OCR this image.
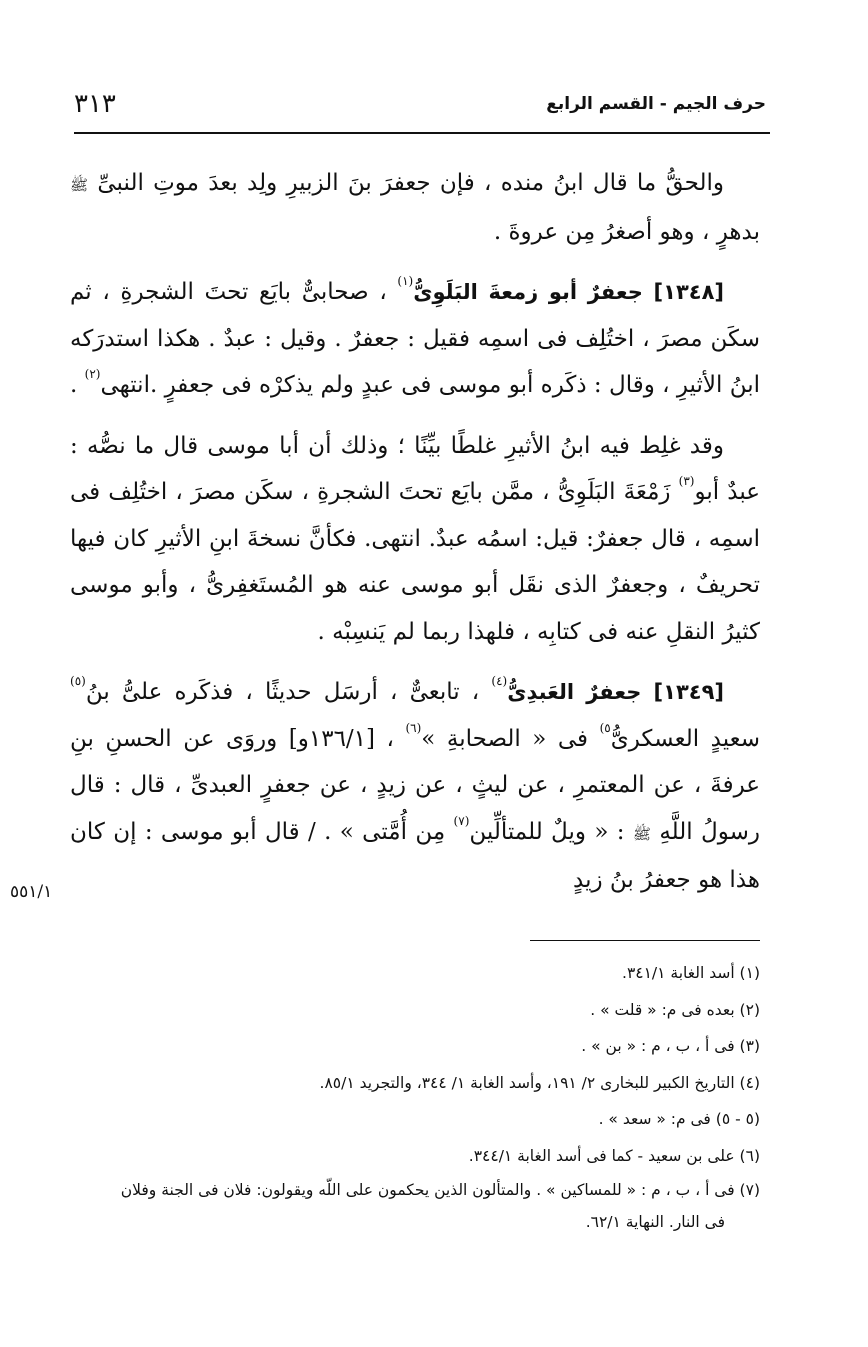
حرف الجيم - القسم الرابع
٣١٣

والحقُّ ما قال ابنُ منده ، فإن جعفرَ بنَ الزبيرِ ولِد بعدَ موتِ النبىِّ ﷺ بدهرٍ ، وهو أصغرُ مِن عروةَ .

[١٣٤٨] جعفرٌ أبو زمعةَ البَلَوِىُّ$^{(١)}$ ، صحابىٌّ بايَع تحتَ الشجرةِ ، ثم سكَن مصرَ ، اختُلِف فى اسمِه فقيل : جعفرٌ . وقيل : عبدٌ . هكذا استدرَكه ابنُ الأثيرِ ، وقال : ذكَره أبو موسى فى عبدٍ ولم يذكرْه فى جعفرٍ .انتهى$^{(٢)}$ .

وقد غلِط فيه ابنُ الأثيرِ غلطًا بيِّنًا ؛ وذلك أن أبا موسى قال ما نصُّه : عبدٌ أبو$^{(٣)}$ زَمْعَةَ البَلَوِىُّ ، ممَّن بايَع تحتَ الشجرةِ ، سكَن مصرَ ، اختُلِف فى اسمِه ، قال جعفرٌ: قيل: اسمُه عبدٌ. انتهى. فكأنَّ نسخةَ ابنِ الأثيرِ كان فيها تحريفٌ ، وجعفرٌ الذى نقَل أبو موسى عنه هو المُستَغفِرىُّ ، وأبو موسى كثيرُ النقلِ عنه فى كتابِه ، فلهذا ربما لم يَنسِبْه .

[١٣٤٩] جعفرٌ العَبدِىُّ$^{(٤)}$ ، تابعىٌّ ، أرسَل حديثًا ، فذكَره علىُّ بنُ$^{(٥)}$ سعيدٍ العسكرىُّ$^{٥)}$ فى « الصحابةِ »$^{(٦)}$ ، [١٣٦/١و] وروَى عن الحسنِ بنِ عرفةَ ، عن المعتمرِ ، عن ليثٍ ، عن زيدٍ ، عن جعفرٍ العبدىِّ ، قال : قال رسولُ اللَّهِ ﷺ : « ويلٌ للمتألِّين$^{(٧)}$ مِن أُمَّتى » . / قال أبو موسى : إن كان هذا هو جعفرُ بنُ زيدٍ

٥٥١/١

(١) أسد الغابة ٣٤١/١.

(٢) بعده فى م: « قلت » .

(٣) فى أ ، ب ، م : « بن » .

(٤) التاريخ الكبير للبخارى ٢/ ١٩١، وأسد الغابة ١/ ٣٤٤، والتجريد ٨٥/١.

(٥ - ٥) فى م: « سعد » .

(٦) على بن سعيد - كما فى أسد الغابة ٣٤٤/١.

(٧) فى أ ، ب ، م : « للمساكين » . والمتألون الذين يحكمون على اللّه ويقولون: فلان فى الجنة وفلان
فى النار. النهاية ٦٢/١.
